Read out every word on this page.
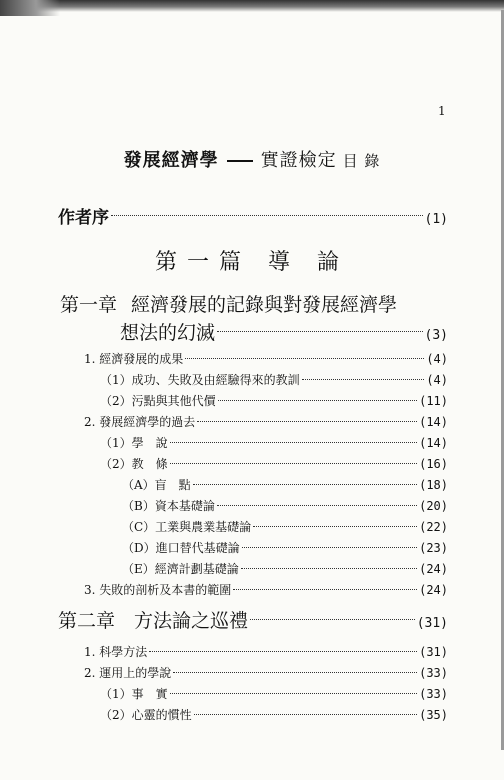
1
發展經濟學 實證檢定 目 錄
作者序	(1)
第一篇 導 論
第一章 經濟發展的記錄與對發展經濟學
想法的幻滅	(3)
1. 經濟發展的成果	(4)
（1）成功、失敗及由經驗得來的教訓	(4)
（2）污點與其他代價	(11)
2. 發展經濟學的過去	(14)
（1）學　說	(14)
（2）教　條	(16)
（A）盲　點	(18)
（B）資本基礎論	(20)
（C）工業與農業基礎論	(22)
（D）進口替代基礎論	(23)
（E）經濟計劃基礎論	(24)
3. 失敗的剖析及本書的範圍	(24)
第二章　方法論之巡禮	(31)
1. 科學方法	(31)
2. 運用上的學說	(33)
（1）事　實	(33)
（2）心靈的慣性	(35)
